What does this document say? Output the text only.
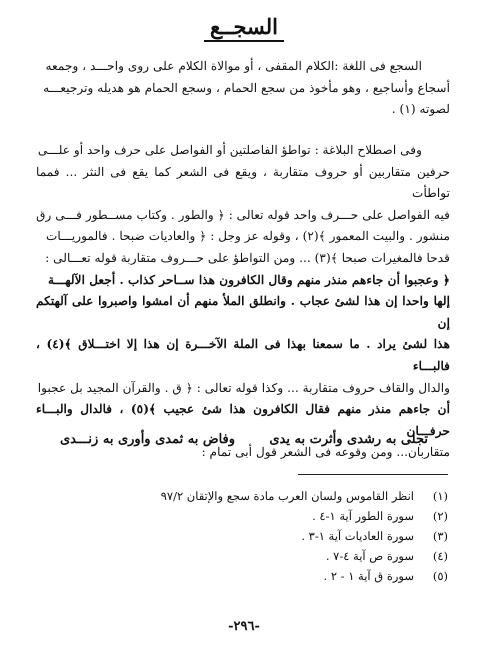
السجــع

السجع فى اللغة :الكلام المقفى ، أو موالاة الكلام على روى واحـــد ، وجمعه

أسجاع وأساجيع ، وهو مأخوذ من سجع الحمام ، وسجع الحمام هو هديله وترجيعـــه

لصوته (١) .

وفى اصطلاح البلاغة : تواطؤ الفاصلتين أو الفواصل على حرف واحد أو علـــى

حرفين متقاربين أو حروف متقاربة ، ويقع فى الشعر كما يقع فى النثر ... فمما تواطأت

فيه الفواصل على حـــرف واحد قوله تعالى : ﴿ والطور . وكتاب مســطور فـــى رق

منشور . والبيت المعمور ﴾(٢) ، وقوله عز وجل : ﴿ والعاديات ضبحا . فالموريـــات

قدحا فالمغيرات صبحا ﴾(٣) ... ومن التواطؤ على حـــروف متقاربة قوله تعـــالى :

﴿ وعجبوا أن جاءهم منذر منهم وقال الكافرون هذا ســاحر كذاب . أجعل الآلهـــة

إلها واحدا إن هذا لشئ عجاب . وانطلق الملأ منهم أن امشوا واصبروا على آلهتكم إن

هذا لشئ يراد . ما سمعنا بهذا فى الملة الآخـــرة إن هذا إلا اختـــلاق ﴾(٤) ، فالبـــاء

والدال والقاف حروف متقاربة ... وكذا قوله تعالى : ﴿ ق . والقرآن المجيد بل عجبوا

أن جاءهم منذر منهم فقال الكافرون هذا شئ عجيب ﴾(٥) ، فالدال والبـــاء حرفـــان

متقاربان... ومن وقوعه فى الشعر قول أبى تمام :

تجلى به رشدى وأثرت به يدى
وفاض به ثمدى وأورى به زنـــدى
(١)
انظر القاموس ولسان العرب مادة سجع والإتقان ٩٧/٢
(٢)
سورة الطور آية ١-٤ .
(٣)
سورة العاديات آية ١-٣ .
(٤)
سورة ص آية ٤-٧ .
(٥)
سورة ق آية ١ - ٢ .
-٢٩٦-
